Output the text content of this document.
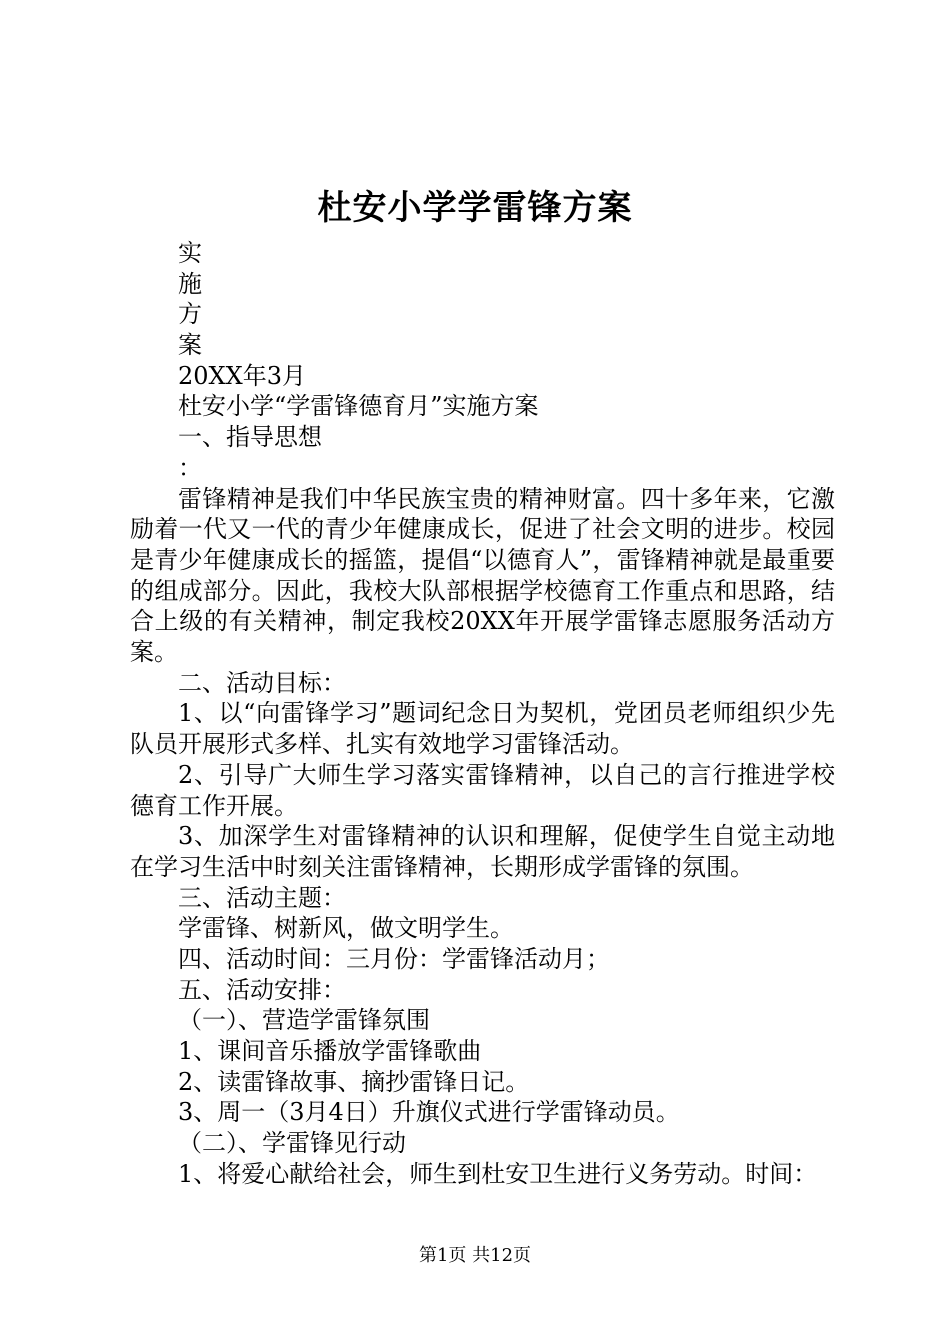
杜安小学学雷锋方案
实
施
方
案
20XX年3月
杜安小学“学雷锋德育月”实施方案
一、指导思想
：
雷锋精神是我们中华民族宝贵的精神财富。四十多年来，它激励着一代又一代的青少年健康成长，促进了社会文明的进步。校园是青少年健康成长的摇篮，提倡“以德育人”，雷锋精神就是最重要的组成部分。因此，我校大队部根据学校德育工作重点和思路，结合上级的有关精神，制定我校20XX年开展学雷锋志愿服务活动方案。
二、活动目标：
1、以“向雷锋学习”题词纪念日为契机，党团员老师组织少先队员开展形式多样、扎实有效地学习雷锋活动。
2、引导广大师生学习落实雷锋精神，以自己的言行推进学校德育工作开展。
3、加深学生对雷锋精神的认识和理解，促使学生自觉主动地在学习生活中时刻关注雷锋精神，长期形成学雷锋的氛围。
三、活动主题：
学雷锋、树新风，做文明学生。
四、活动时间：三月份：学雷锋活动月；
五、活动安排：
（一）、营造学雷锋氛围
1、课间音乐播放学雷锋歌曲
2、读雷锋故事、摘抄雷锋日记。
3、周一（3月4日）升旗仪式进行学雷锋动员。
（二）、学雷锋见行动
1、将爱心献给社会，师生到杜安卫生进行义务劳动。时间：
第1页 共12页
